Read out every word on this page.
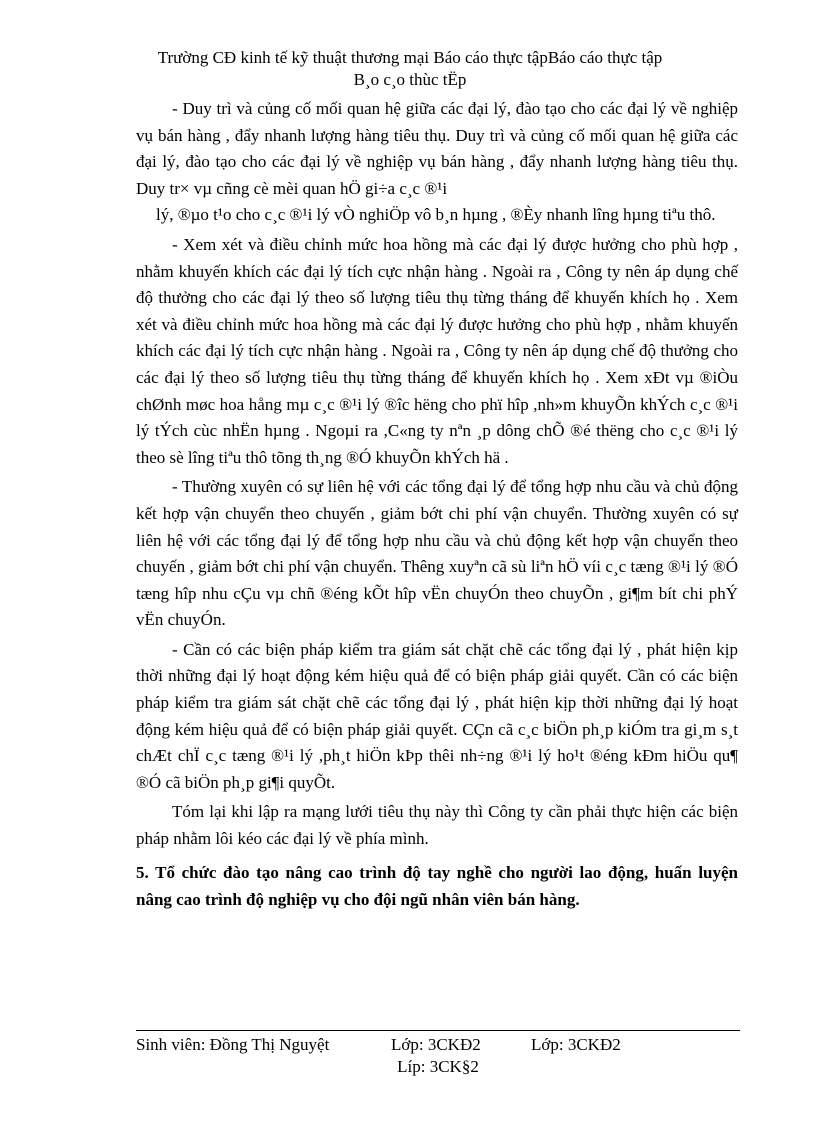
Trường CĐ kinh tế kỹ thuật thương mại Báo cáo thực tậpBáo cáo thực tập
B¸o c¸o thùc tËp

- Duy trì và củng cố mối quan hệ giữa các đại lý, đào tạo cho các đại lý về nghiệp vụ bán hàng , đẩy nhanh lượng hàng tiêu thụ. Duy trì và củng cố mối quan hệ giữa các đại lý, đào tạo cho các đại lý về nghiệp vụ bán hàng , đẩy nhanh lượng hàng tiêu thụ. Duy tr× vµ cñng cè mèi quan hÖ gi÷a c¸c ®¹i

lý, ®µo t¹o cho c¸c ®¹i lý vÒ nghiÖp vô b¸n hµng , ®Èy nhanh lîng hµng tiªu thô.

- Xem xét và điều chỉnh mức hoa hồng mà các đại lý được hưởng cho phù hợp , nhằm khuyến khích các đại lý tích cực nhận hàng . Ngoài ra , Công ty nên áp dụng chế độ thưởng cho các đại lý theo số lượng tiêu thụ từng tháng để khuyến khích họ . Xem xét và điều chỉnh mức hoa hồng mà các đại lý được hưởng cho phù hợp , nhằm khuyến khích các đại lý tích cực nhận hàng . Ngoài ra , Công ty nên áp dụng chế độ thưởng cho các đại lý theo số lượng tiêu thụ từng tháng để khuyến khích họ . Xem xÐt vµ ®iÒu chØnh møc hoa hång mµ c¸c ®¹i lý ®îc hëng cho phï hîp ,nh»m khuyÕn khÝch c¸c ®¹i lý tÝch cùc nhËn hµng . Ngoµi ra ,C«ng ty nªn ¸p dông chÕ ®é thëng cho c¸c ®¹i lý theo sè lîng tiªu thô tõng th¸ng ®Ó khuyÕn khÝch hä .

- Thường xuyên có sự liên hệ với các tổng đại lý để tổng hợp nhu cầu và chủ động kết hợp vận chuyển theo chuyến , giảm bớt chi phí vận chuyển. Thường xuyên có sự liên hệ với các tổng đại lý để tổng hợp nhu cầu và chủ động kết hợp vận chuyển theo chuyến , giảm bớt chi phí vận chuyển. Thêng xuyªn cã sù liªn hÖ víi c¸c tæng ®¹i lý ®Ó tæng hîp nhu cÇu vµ chñ ®éng kÕt hîp vËn chuyÓn theo chuyÕn , gi¶m bít chi phÝ vËn chuyÓn.

- Cần có các biện pháp kiểm tra giám sát chặt chẽ các tổng đại lý , phát hiện kịp thời những đại lý hoạt động kém hiệu quả để có biện pháp giải quyết. Cần có các biện pháp kiểm tra giám sát chặt chẽ các tổng đại lý , phát hiện kịp thời những đại lý hoạt động kém hiệu quả để có biện pháp giải quyết. CÇn cã c¸c biÖn ph¸p kiÓm tra gi¸m s¸t chÆt chÏ c¸c tæng ®¹i lý ,ph¸t hiÖn kÞp thêi nh÷ng ®¹i lý ho¹t ®éng kÐm hiÖu qu¶ ®Ó cã biÖn ph¸p gi¶i quyÕt.

Tóm lại khi lập ra mạng lưới tiêu thụ này thì Công ty cần phải thực hiện các biện pháp nhằm lôi kéo các đại lý về phía mình.

5. Tổ chức đào tạo nâng cao trình độ tay nghề cho người lao động, huấn luyện nâng cao trình độ nghiệp vụ cho đội ngũ nhân viên bán hàng.

Sinh viên: Đồng Thị Nguyệt	Lớp: 3CKĐ2	Lớp: 3CKĐ2
Líp: 3CK§2
